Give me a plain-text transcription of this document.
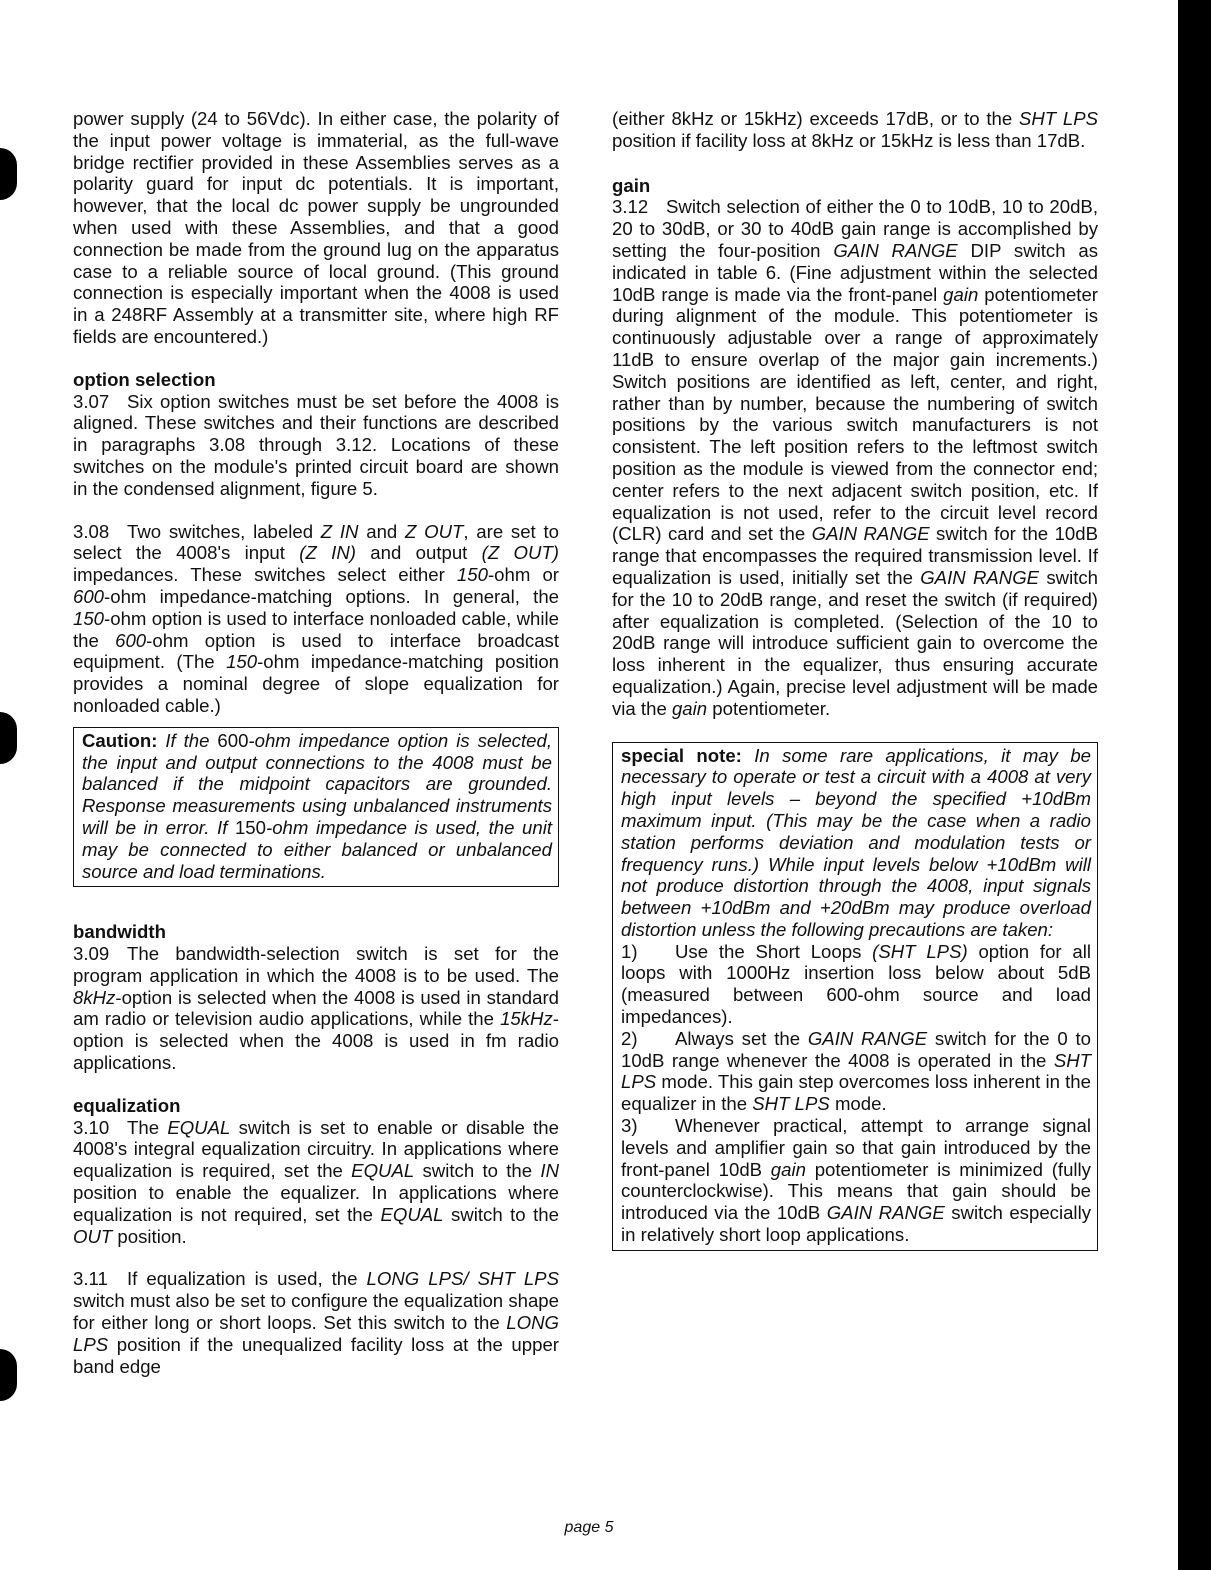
power supply (24 to 56Vdc). In either case, the polarity of the input power voltage is immaterial, as the full-wave bridge rectifier provided in these Assemblies serves as a polarity guard for input dc potentials. It is important, however, that the local dc power supply be ungrounded when used with these Assemblies, and that a good connection be made from the ground lug on the apparatus case to a reliable source of local ground. (This ground connection is especially important when the 4008 is used in a 248RF Assembly at a transmitter site, where high RF fields are encountered.)

option selection

3.07 Six option switches must be set before the 4008 is aligned. These switches and their functions are described in paragraphs 3.08 through 3.12. Locations of these switches on the module's printed circuit board are shown in the condensed alignment, figure 5.

3.08 Two switches, labeled Z IN and Z OUT, are set to select the 4008's input (Z IN) and output (Z OUT) impedances. These switches select either 150-ohm or 600-ohm impedance-matching options. In general, the 150-ohm option is used to interface nonloaded cable, while the 600-ohm option is used to interface broadcast equipment. (The 150-ohm impedance-matching position provides a nominal degree of slope equalization for nonloaded cable.)

Caution: If the 600-ohm impedance option is selected, the input and output connections to the 4008 must be balanced if the midpoint capacitors are grounded. Response measurements using unbalanced instruments will be in error. If 150-ohm impedance is used, the unit may be connected to either balanced or unbalanced source and load terminations.

bandwidth

3.09 The bandwidth-selection switch is set for the program application in which the 4008 is to be used. The 8kHz-option is selected when the 4008 is used in standard am radio or television audio applications, while the 15kHz-option is selected when the 4008 is used in fm radio applications.

equalization

3.10 The EQUAL switch is set to enable or disable the 4008's integral equalization circuitry. In applications where equalization is required, set the EQUAL switch to the IN position to enable the equalizer. In applications where equalization is not required, set the EQUAL switch to the OUT position.

3.11 If equalization is used, the LONG LPS/ SHT LPS switch must also be set to configure the equalization shape for either long or short loops. Set this switch to the LONG LPS position if the unequalized facility loss at the upper band edge

(either 8kHz or 15kHz) exceeds 17dB, or to the SHT LPS position if facility loss at 8kHz or 15kHz is less than 17dB.

gain

3.12 Switch selection of either the 0 to 10dB, 10 to 20dB, 20 to 30dB, or 30 to 40dB gain range is accomplished by setting the four-position GAIN RANGE DIP switch as indicated in table 6. (Fine adjustment within the selected 10dB range is made via the front-panel gain potentiometer during alignment of the module. This potentiometer is continuously adjustable over a range of approximately 11dB to ensure overlap of the major gain increments.) Switch positions are identified as left, center, and right, rather than by number, because the numbering of switch positions by the various switch manufacturers is not consistent. The left position refers to the leftmost switch position as the module is viewed from the connector end; center refers to the next adjacent switch position, etc. If equalization is not used, refer to the circuit level record (CLR) card and set the GAIN RANGE switch for the 10dB range that encompasses the required transmission level. If equalization is used, initially set the GAIN RANGE switch for the 10 to 20dB range, and reset the switch (if required) after equalization is completed. (Selection of the 10 to 20dB range will introduce sufficient gain to overcome the loss inherent in the equalizer, thus ensuring accurate equalization.) Again, precise level adjustment will be made via the gain potentiometer.

special note: In some rare applications, it may be necessary to operate or test a circuit with a 4008 at very high input levels – beyond the specified +10dBm maximum input. (This may be the case when a radio station performs deviation and modulation tests or frequency runs.) While input levels below +10dBm will not produce distortion through the 4008, input signals between +10dBm and +20dBm may produce overload distortion unless the following precautions are taken:

1) Use the Short Loops (SHT LPS) option for all loops with 1000Hz insertion loss below about 5dB (measured between 600-ohm source and load impedances).

2) Always set the GAIN RANGE switch for the 0 to 10dB range whenever the 4008 is operated in the SHT LPS mode. This gain step overcomes loss inherent in the equalizer in the SHT LPS mode.

3) Whenever practical, attempt to arrange signal levels and amplifier gain so that gain introduced by the front-panel 10dB gain potentiometer is minimized (fully counterclockwise). This means that gain should be introduced via the 10dB GAIN RANGE switch especially in relatively short loop applications.

page 5
